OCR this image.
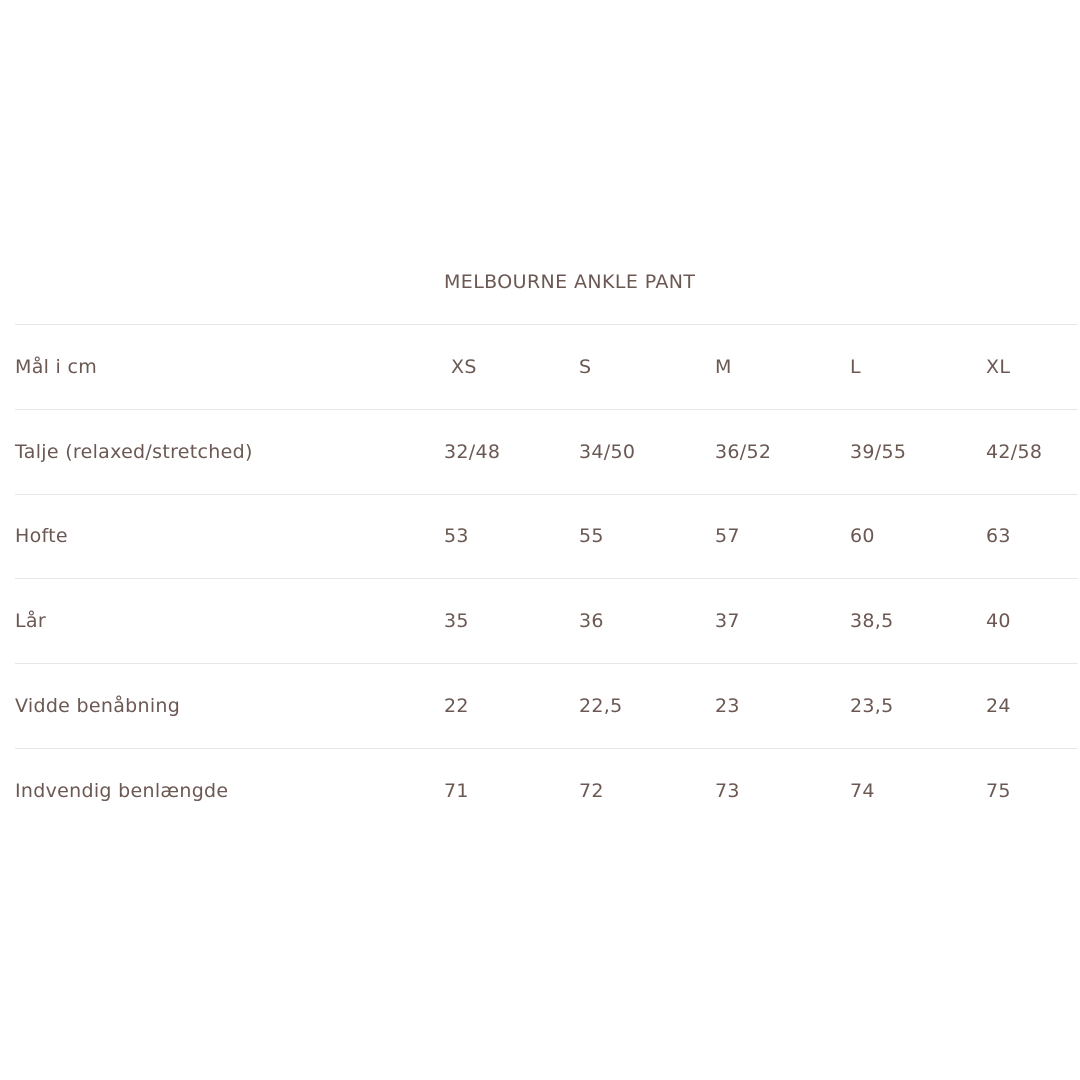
MELBOURNE ANKLE PANT
Mål i cm	XS	S	M	L	XL
Talje (relaxed/stretched)	32/48	34/50	36/52	39/55	42/58
Hofte	53	55	57	60	63
Lår	35	36	37	38,5	40
Vidde benåbning	22	22,5	23	23,5	24
Indvendig benlængde	71	72	73	74	75
